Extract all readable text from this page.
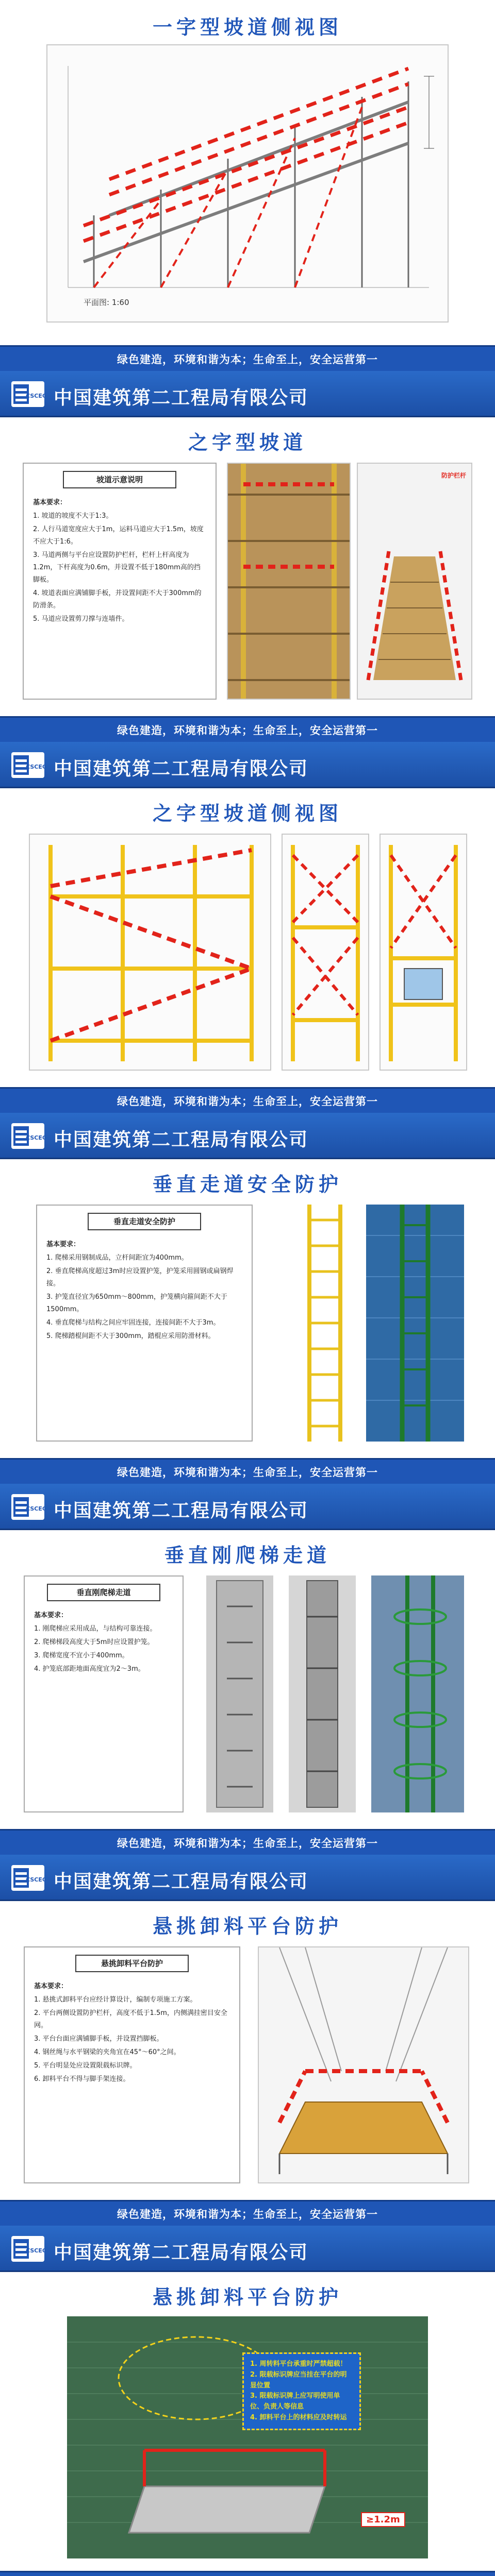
一字型坡道侧视图
平面图: 1:60
绿色建造，环境和谐为本；生命至上，安全运营第一
中国建筑第二工程局有限公司
之字型坡道
坡道示意说明

基本要求：

1. 坡道的坡度不大于1:3。

2. 人行马道宽度应大于1m，运料马道应大于1.5m，坡度不应大于1:6。

3. 马道两侧与平台应设置防护栏杆，栏杆上杆高度为1.2m，下杆高度为0.6m，并设置不低于180mm高的挡脚板。

4. 坡道表面应满铺脚手板，并设置间距不大于300mm的防滑条。

5. 马道应设置剪刀撑与连墙件。

防护栏杆
绿色建造，环境和谐为本；生命至上，安全运营第一
中国建筑第二工程局有限公司
之字型坡道侧视图
绿色建造，环境和谐为本；生命至上，安全运营第一
中国建筑第二工程局有限公司
垂直走道安全防护
垂直走道安全防护

基本要求：

1. 爬梯采用钢制成品，立杆间距宜为400mm。

2. 垂直爬梯高度超过3m时应设置护笼，护笼采用圆钢或扁钢焊接。

3. 护笼直径宜为650mm～800mm，护笼横向箍间距不大于1500mm。

4. 垂直爬梯与结构之间应牢固连接，连接间距不大于3m。

5. 爬梯踏棍间距不大于300mm，踏棍应采用防滑材料。

绿色建造，环境和谐为本；生命至上，安全运营第一
中国建筑第二工程局有限公司
垂直刚爬梯走道
垂直刚爬梯走道

基本要求：

1. 刚爬梯应采用成品，与结构可靠连接。

2. 爬梯梯段高度大于5m时应设置护笼。

3. 爬梯宽度不宜小于400mm。

4. 护笼底部距地面高度宜为2～3m。

绿色建造，环境和谐为本；生命至上，安全运营第一
中国建筑第二工程局有限公司
悬挑卸料平台防护
悬挑卸料平台防护

基本要求：

1. 悬挑式卸料平台应经计算设计，编制专项施工方案。

2. 平台两侧设置防护栏杆，高度不低于1.5m，内侧满挂密目安全网。

3. 平台台面应满铺脚手板，并设置挡脚板。

4. 钢丝绳与水平钢梁的夹角宜在45°～60°之间。

5. 平台明显处应设置限载标识牌。

6. 卸料平台不得与脚手架连接。

绿色建造，环境和谐为本；生命至上，安全运营第一
中国建筑第二工程局有限公司
悬挑卸料平台防护

1. 周转料平台承重时严禁超载！

2. 限载标识牌应当挂在平台的明显位置

3. 限载标识牌上应写明使用单位、负责人等信息

4. 卸料平台上的材料应及时转运

≥1.2m
